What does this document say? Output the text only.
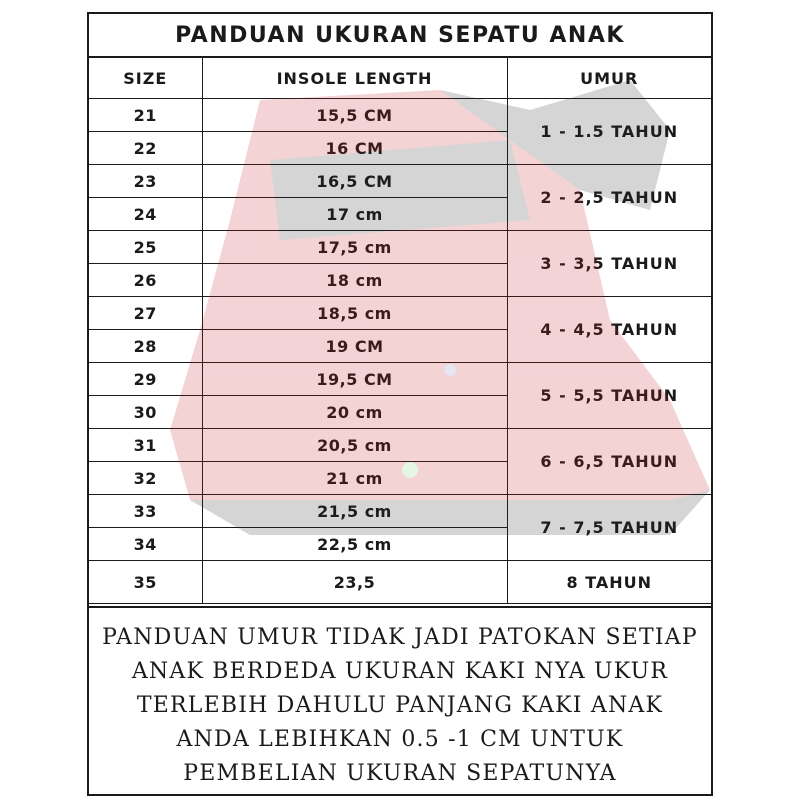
PANDUAN UKURAN SEPATU ANAK
SIZE	INSOLE LENGTH	UMUR
21	15,5 CM	1 - 1.5 TAHUN
22	16 CM	
23	16,5 CM	2 - 2,5 TAHUN
24	17 cm	
25	17,5 cm	3 - 3,5 TAHUN
26	18 cm	
27	18,5 cm	4 - 4,5 TAHUN
28	19 CM	
29	19,5 CM	5 - 5,5 TAHUN
30	20 cm	
31	20,5 cm	6 - 6,5 TAHUN
32	21 cm	
33	21,5 cm	7 - 7,5 TAHUN
34	22,5 cm	
35	23,5	8 TAHUN
PANDUAN UMUR TIDAK JADI PATOKAN SETIAP ANAK BERDEDA UKURAN KAKI NYA UKUR TERLEBIH DAHULU PANJANG KAKI ANAK ANDA LEBIHKAN 0.5 -1 CM UNTUK PEMBELIAN UKURAN SEPATUNYA
